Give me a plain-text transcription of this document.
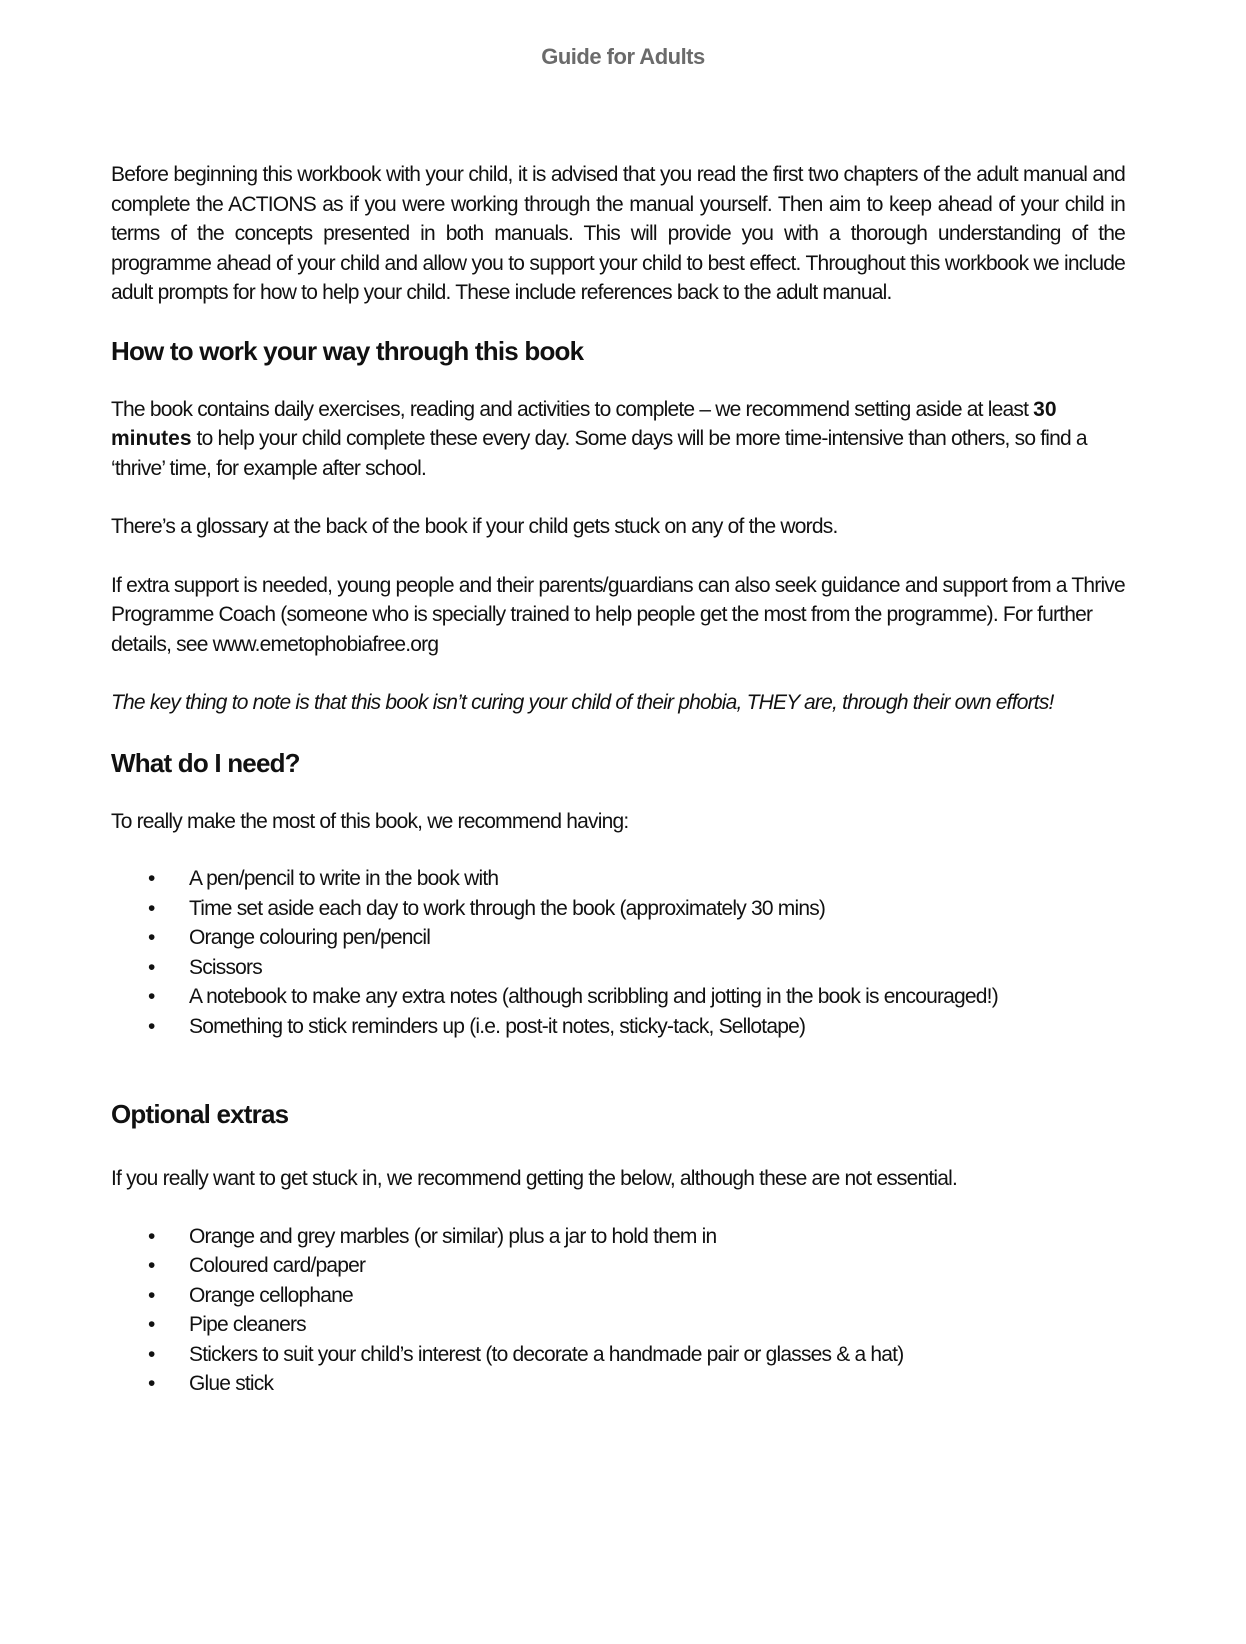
Guide for Adults

Before beginning this workbook with your child, it is advised that you read the first two chapters of the adult manual and complete the ACTIONS as if you were working through the manual yourself. Then aim to keep ahead of your child in terms of the concepts presented in both manuals. This will provide you with a thorough understanding of the programme ahead of your child and allow you to support your child to best effect. Throughout this workbook we include adult prompts for how to help your child. These include references back to the adult manual.

How to work your way through this book

The book contains daily exercises, reading and activities to complete – we recommend setting aside at least 30 minutes to help your child complete these every day. Some days will be more time-intensive than others, so find a ‘thrive’ time, for example after school.

There’s a glossary at the back of the book if your child gets stuck on any of the words.

If extra support is needed, young people and their parents/guardians can also seek guidance and support from a Thrive Programme Coach (someone who is specially trained to help people get the most from the programme). For further details, see www.emetophobiafree.org

The key thing to note is that this book isn’t curing your child of their phobia, THEY are, through their own efforts!

What do I need?

To really make the most of this book, we recommend having:

• A pen/pencil to write in the book with
• Time set aside each day to work through the book (approximately 30 mins)
• Orange colouring pen/pencil
• Scissors
• A notebook to make any extra notes (although scribbling and jotting in the book is encouraged!)
• Something to stick reminders up (i.e. post-it notes, sticky-tack, Sellotape)
Optional extras

If you really want to get stuck in, we recommend getting the below, although these are not essential.

• Orange and grey marbles (or similar) plus a jar to hold them in
• Coloured card/paper
• Orange cellophane
• Pipe cleaners
• Stickers to suit your child’s interest (to decorate a handmade pair or glasses & a hat)
• Glue stick
